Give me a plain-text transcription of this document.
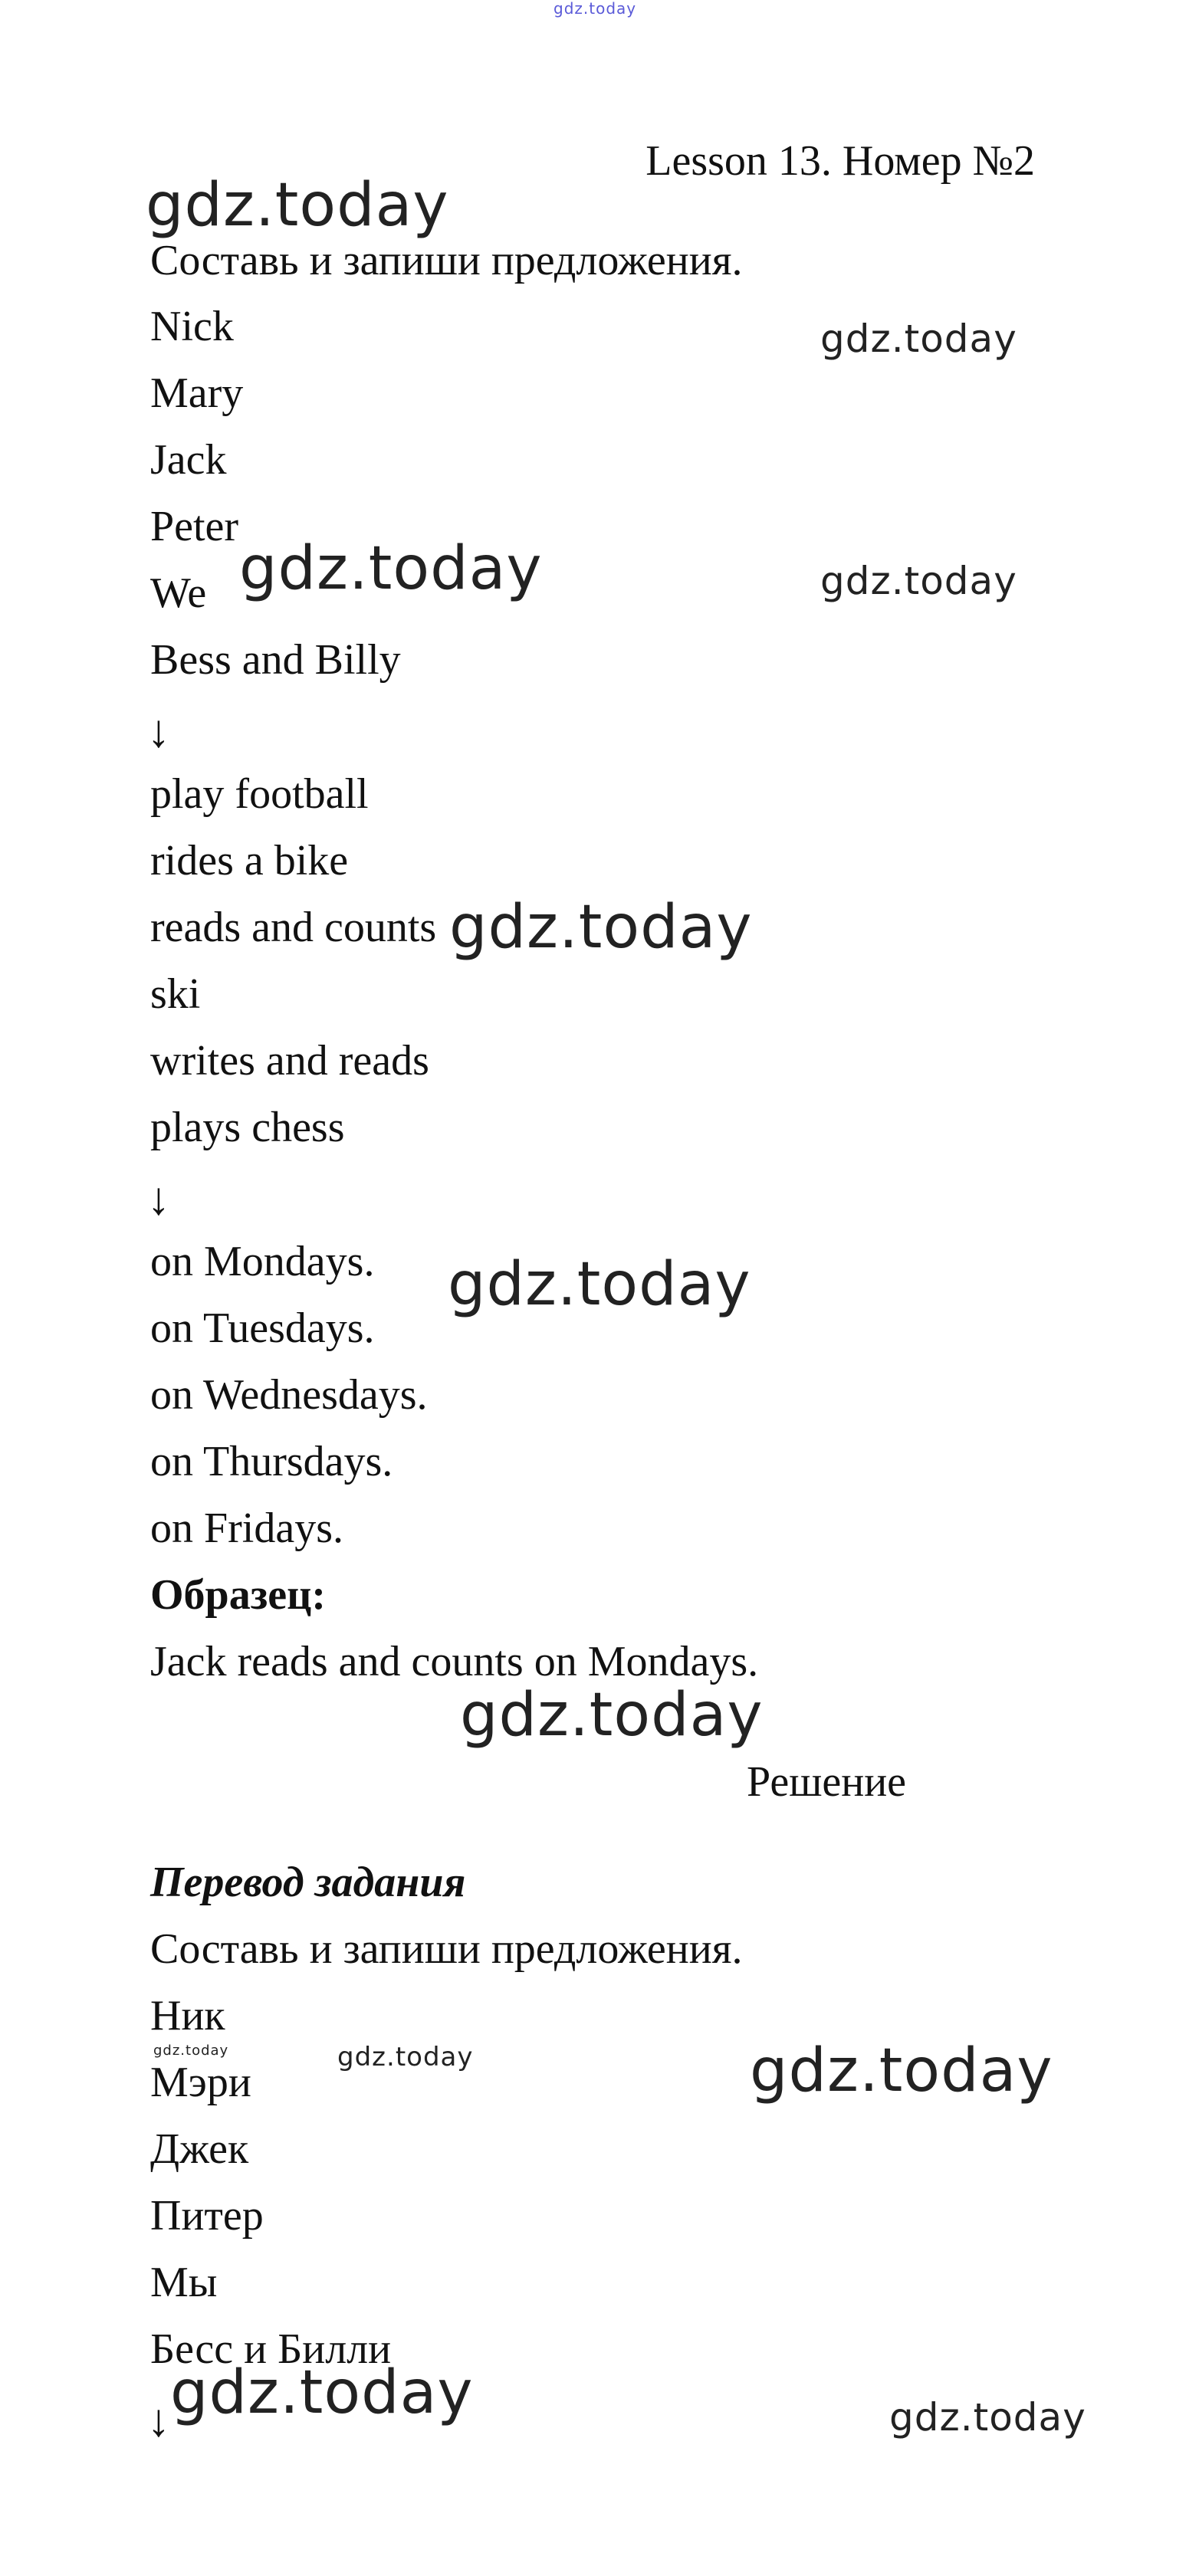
gdz.today
Lesson 13. Номер №2
gdz.today
Составь и запиши предложения.
Nick	gdz.today
Mary
Jack
Peter
gdz.today	gdz.today
We
Bess and Billy
↓
play football
rides a bike
reads and counts gdz.today
ski
writes and reads
plays chess
↓
on Mondays. gdz.today
on Tuesdays.
on Wednesdays.
on Thursdays.
on Fridays.
Образец:
Jack reads and counts on Mondays.
gdz.today
Решение
Перевод задания
Составь и запиши предложения.
Ник
gdz.today	gdz.today	gdz.today
Мэри
Джек
Питер
Мы
Бесс и Билли
↓ gdz.today	gdz.today
